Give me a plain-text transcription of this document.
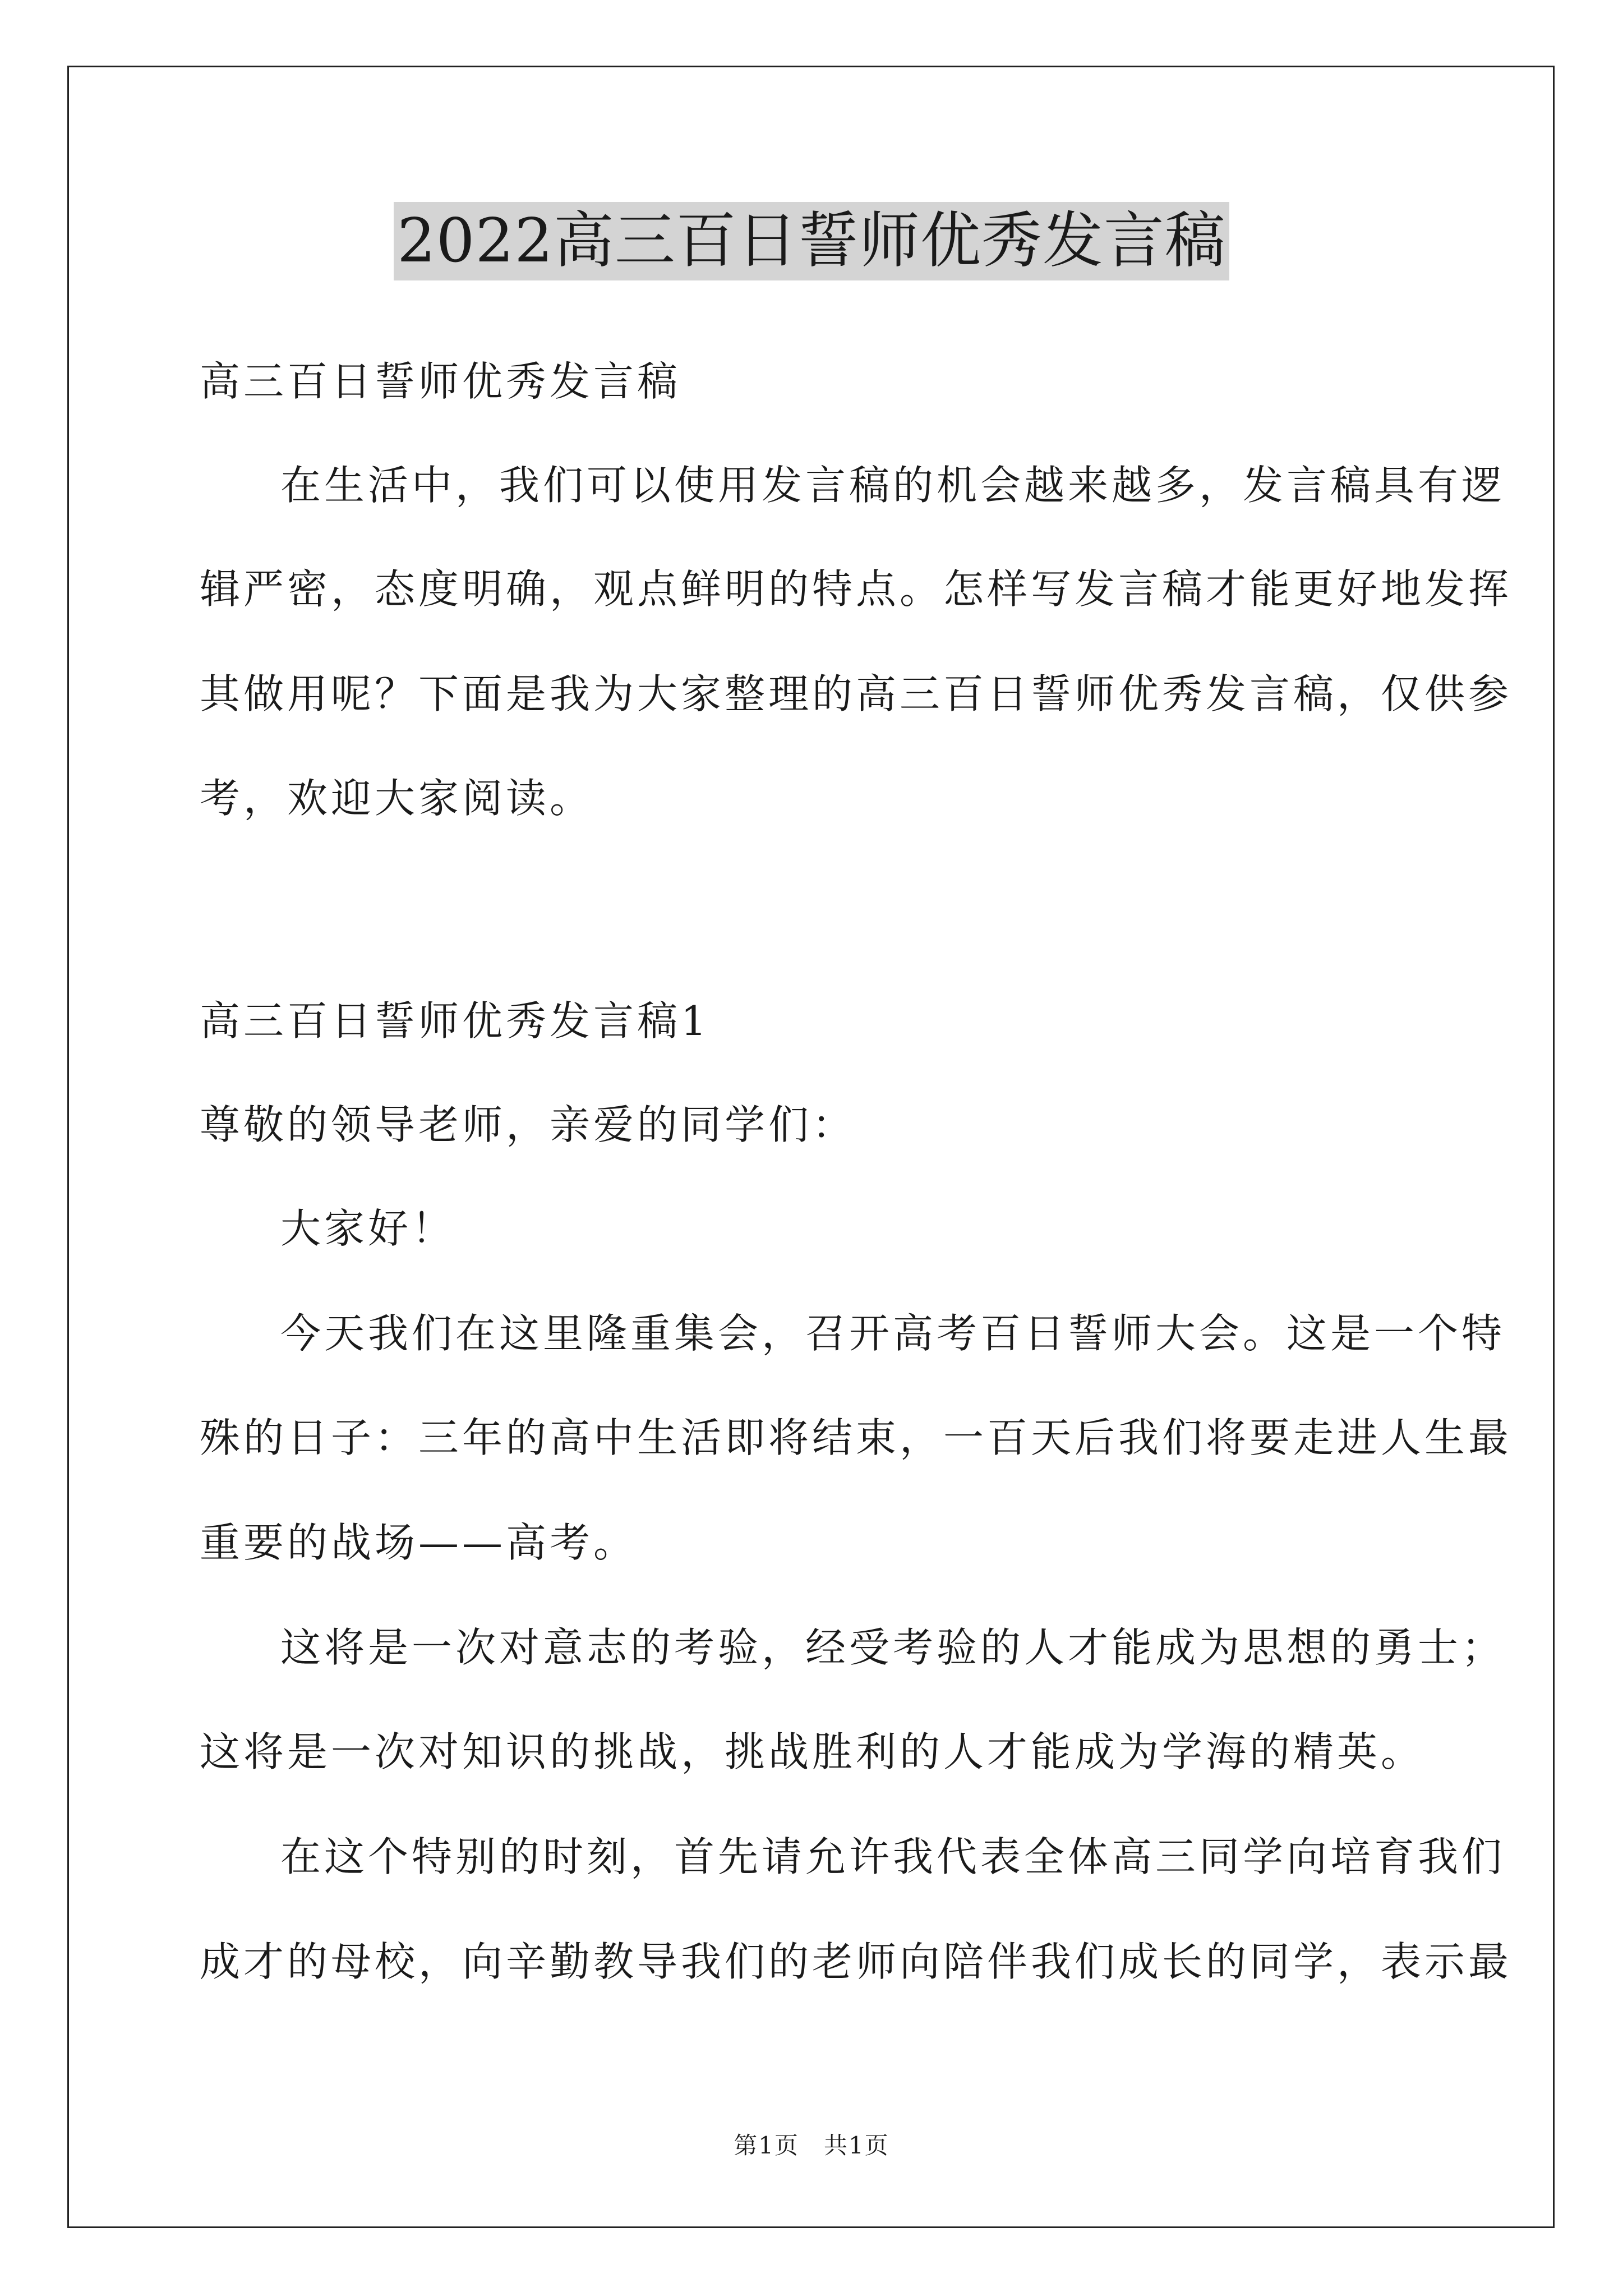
2022高三百日誓师优秀发言稿
高三百日誓师优秀发言稿
在生活中，我们可以使用发言稿的机会越来越多，发言稿具有逻
辑严密，态度明确，观点鲜明的特点。怎样写发言稿才能更好地发挥
其做用呢？下面是我为大家整理的高三百日誓师优秀发言稿，仅供参
考，欢迎大家阅读。
高三百日誓师优秀发言稿1
尊敬的领导老师，亲爱的同学们：
大家好！
今天我们在这里隆重集会，召开高考百日誓师大会。这是一个特
殊的日子：三年的高中生活即将结束，一百天后我们将要走进人生最
重要的战场——高考。
这将是一次对意志的考验，经受考验的人才能成为思想的勇士；
这将是一次对知识的挑战，挑战胜利的人才能成为学海的精英。
在这个特别的时刻，首先请允许我代表全体高三同学向培育我们
成才的母校，向辛勤教导我们的老师向陪伴我们成长的同学，表示最
第1页　共1页
